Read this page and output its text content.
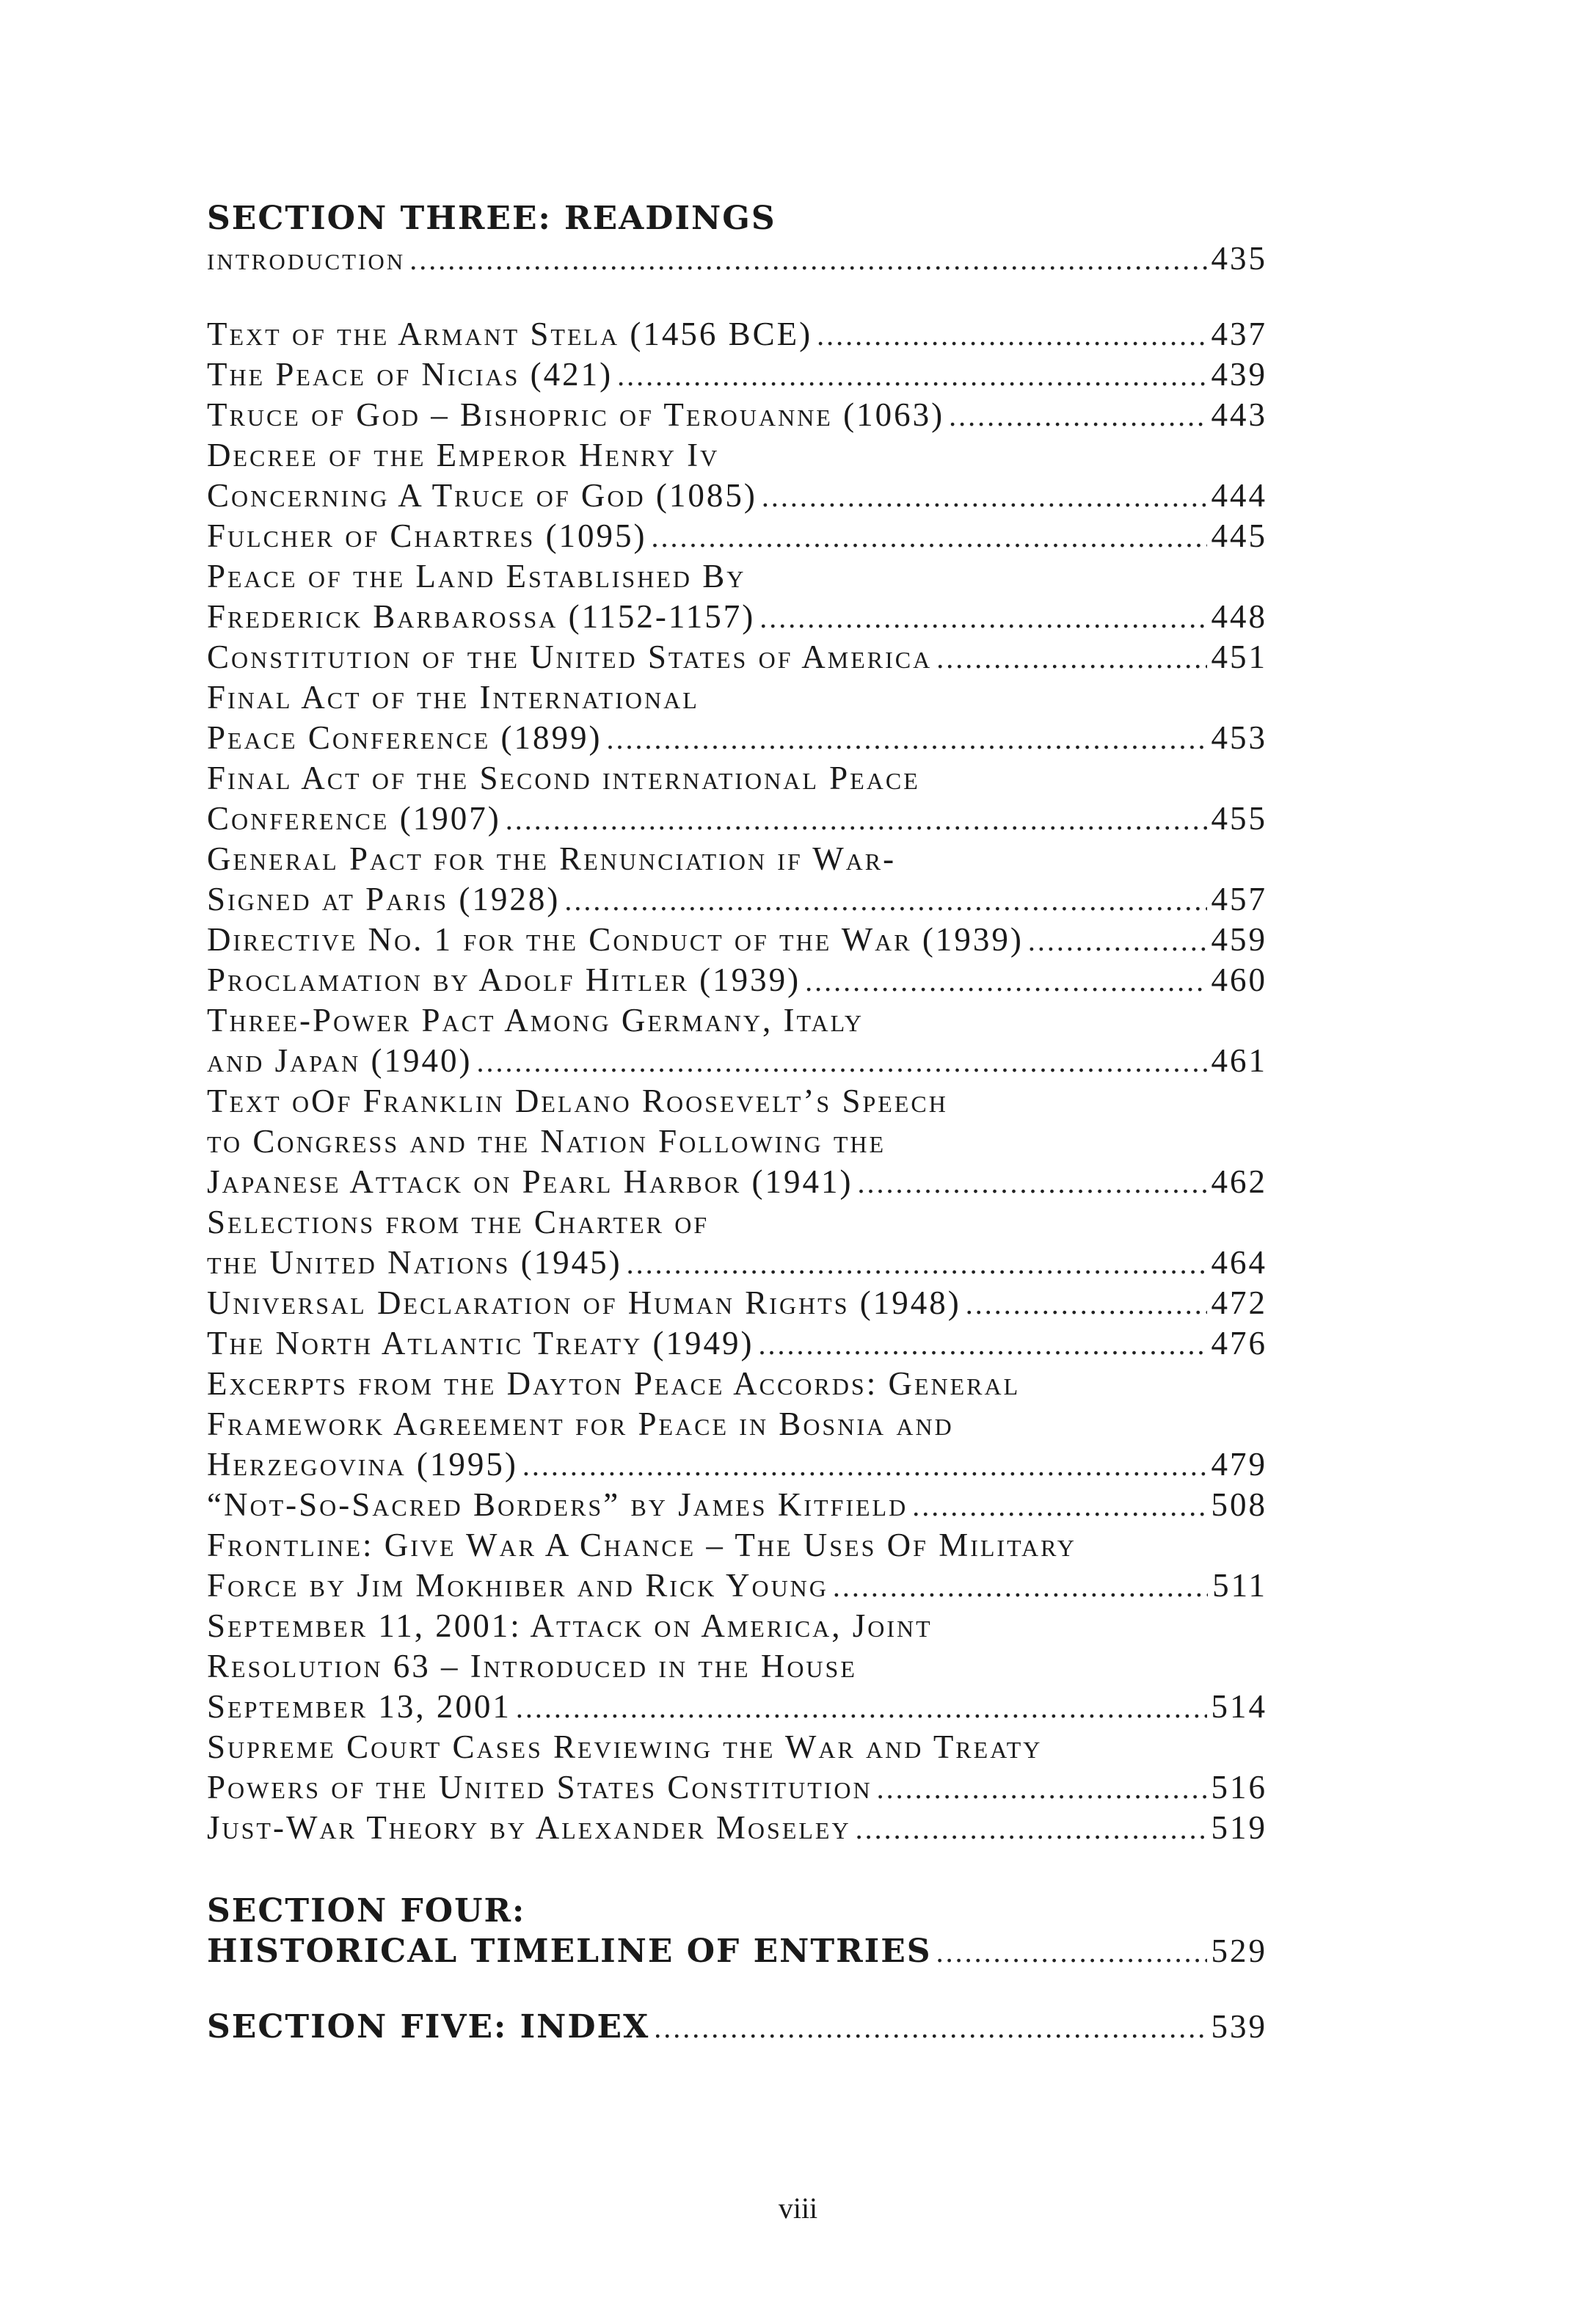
SECTION THREE: READINGS
INTRODUCTION .....	435
Text of the Armant Stela (1456 BCE) .....	437
The Peace of Nicias (421) .....	439
Truce of God – Bishopric of Terouanne (1063) .....	443
Decree of the Emperor Henry Iv
Concerning A Truce of God (1085) .....	444
Fulcher of Chartres (1095) .....	445
Peace of the Land Established By
Frederick Barbarossa (1152-1157) .....	448
Constitution of the United States of America .....	451
Final Act of the International
Peace Conference (1899) .....	453
Final Act of the Second international Peace
Conference (1907) .....	455
General Pact for the Renunciation if War-
Signed at Paris (1928) .....	457
Directive No. 1 for the Conduct of the War (1939) .....	459
Proclamation by Adolf Hitler (1939) .....	460
Three-Power Pact Among Germany, Italy
and Japan (1940) .....	461
Text oOf Franklin Delano Roosevelt’s Speech
to Congress and the Nation Following the
Japanese Attack on Pearl Harbor (1941) .....	462
Selections from the Charter of
the United Nations (1945) .....	464
Universal Declaration of Human Rights (1948) .....	472
The North Atlantic Treaty (1949) .....	476
Excerpts from the Dayton Peace Accords: General
Framework Agreement for Peace in Bosnia and
Herzegovina (1995) .....	479
“Not-So-Sacred Borders” by James Kitfield .....	508
Frontline: Give War A Chance – The Uses Of Military
Force by Jim Mokhiber and Rick Young .....	511
September 11, 2001: Attack on America, Joint
Resolution 63 – Introduced in the House
September 13, 2001 .....	514
Supreme Court Cases Reviewing the War and Treaty
Powers of the United States Constitution .....	516
Just-War Theory by Alexander Moseley .....	519
SECTION FOUR:
HISTORICAL TIMELINE OF ENTRIES .....	529
SECTION FIVE: INDEX .....	539
viii
